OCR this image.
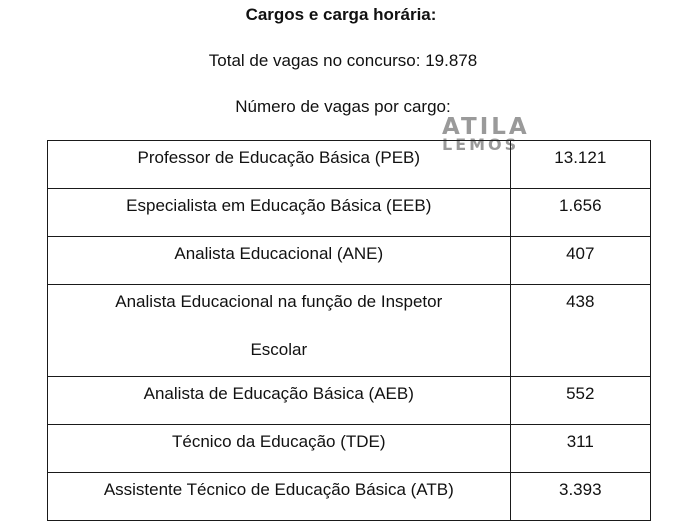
Cargos e carga horária:
Total de vagas no concurso: 19.878
Número de vagas por cargo:
ATILA
LEMOS
Professor de Educação Básica (PEB)	13.121

Especialista em Educação Básica (EEB)	1.656

Analista Educacional (ANE)	407

Analista Educacional na função de Inspetor
Escolar	438

Analista de Educação Básica (AEB)	552

Técnico da Educação (TDE)	311

Assistente Técnico de Educação Básica (ATB)	3.393
